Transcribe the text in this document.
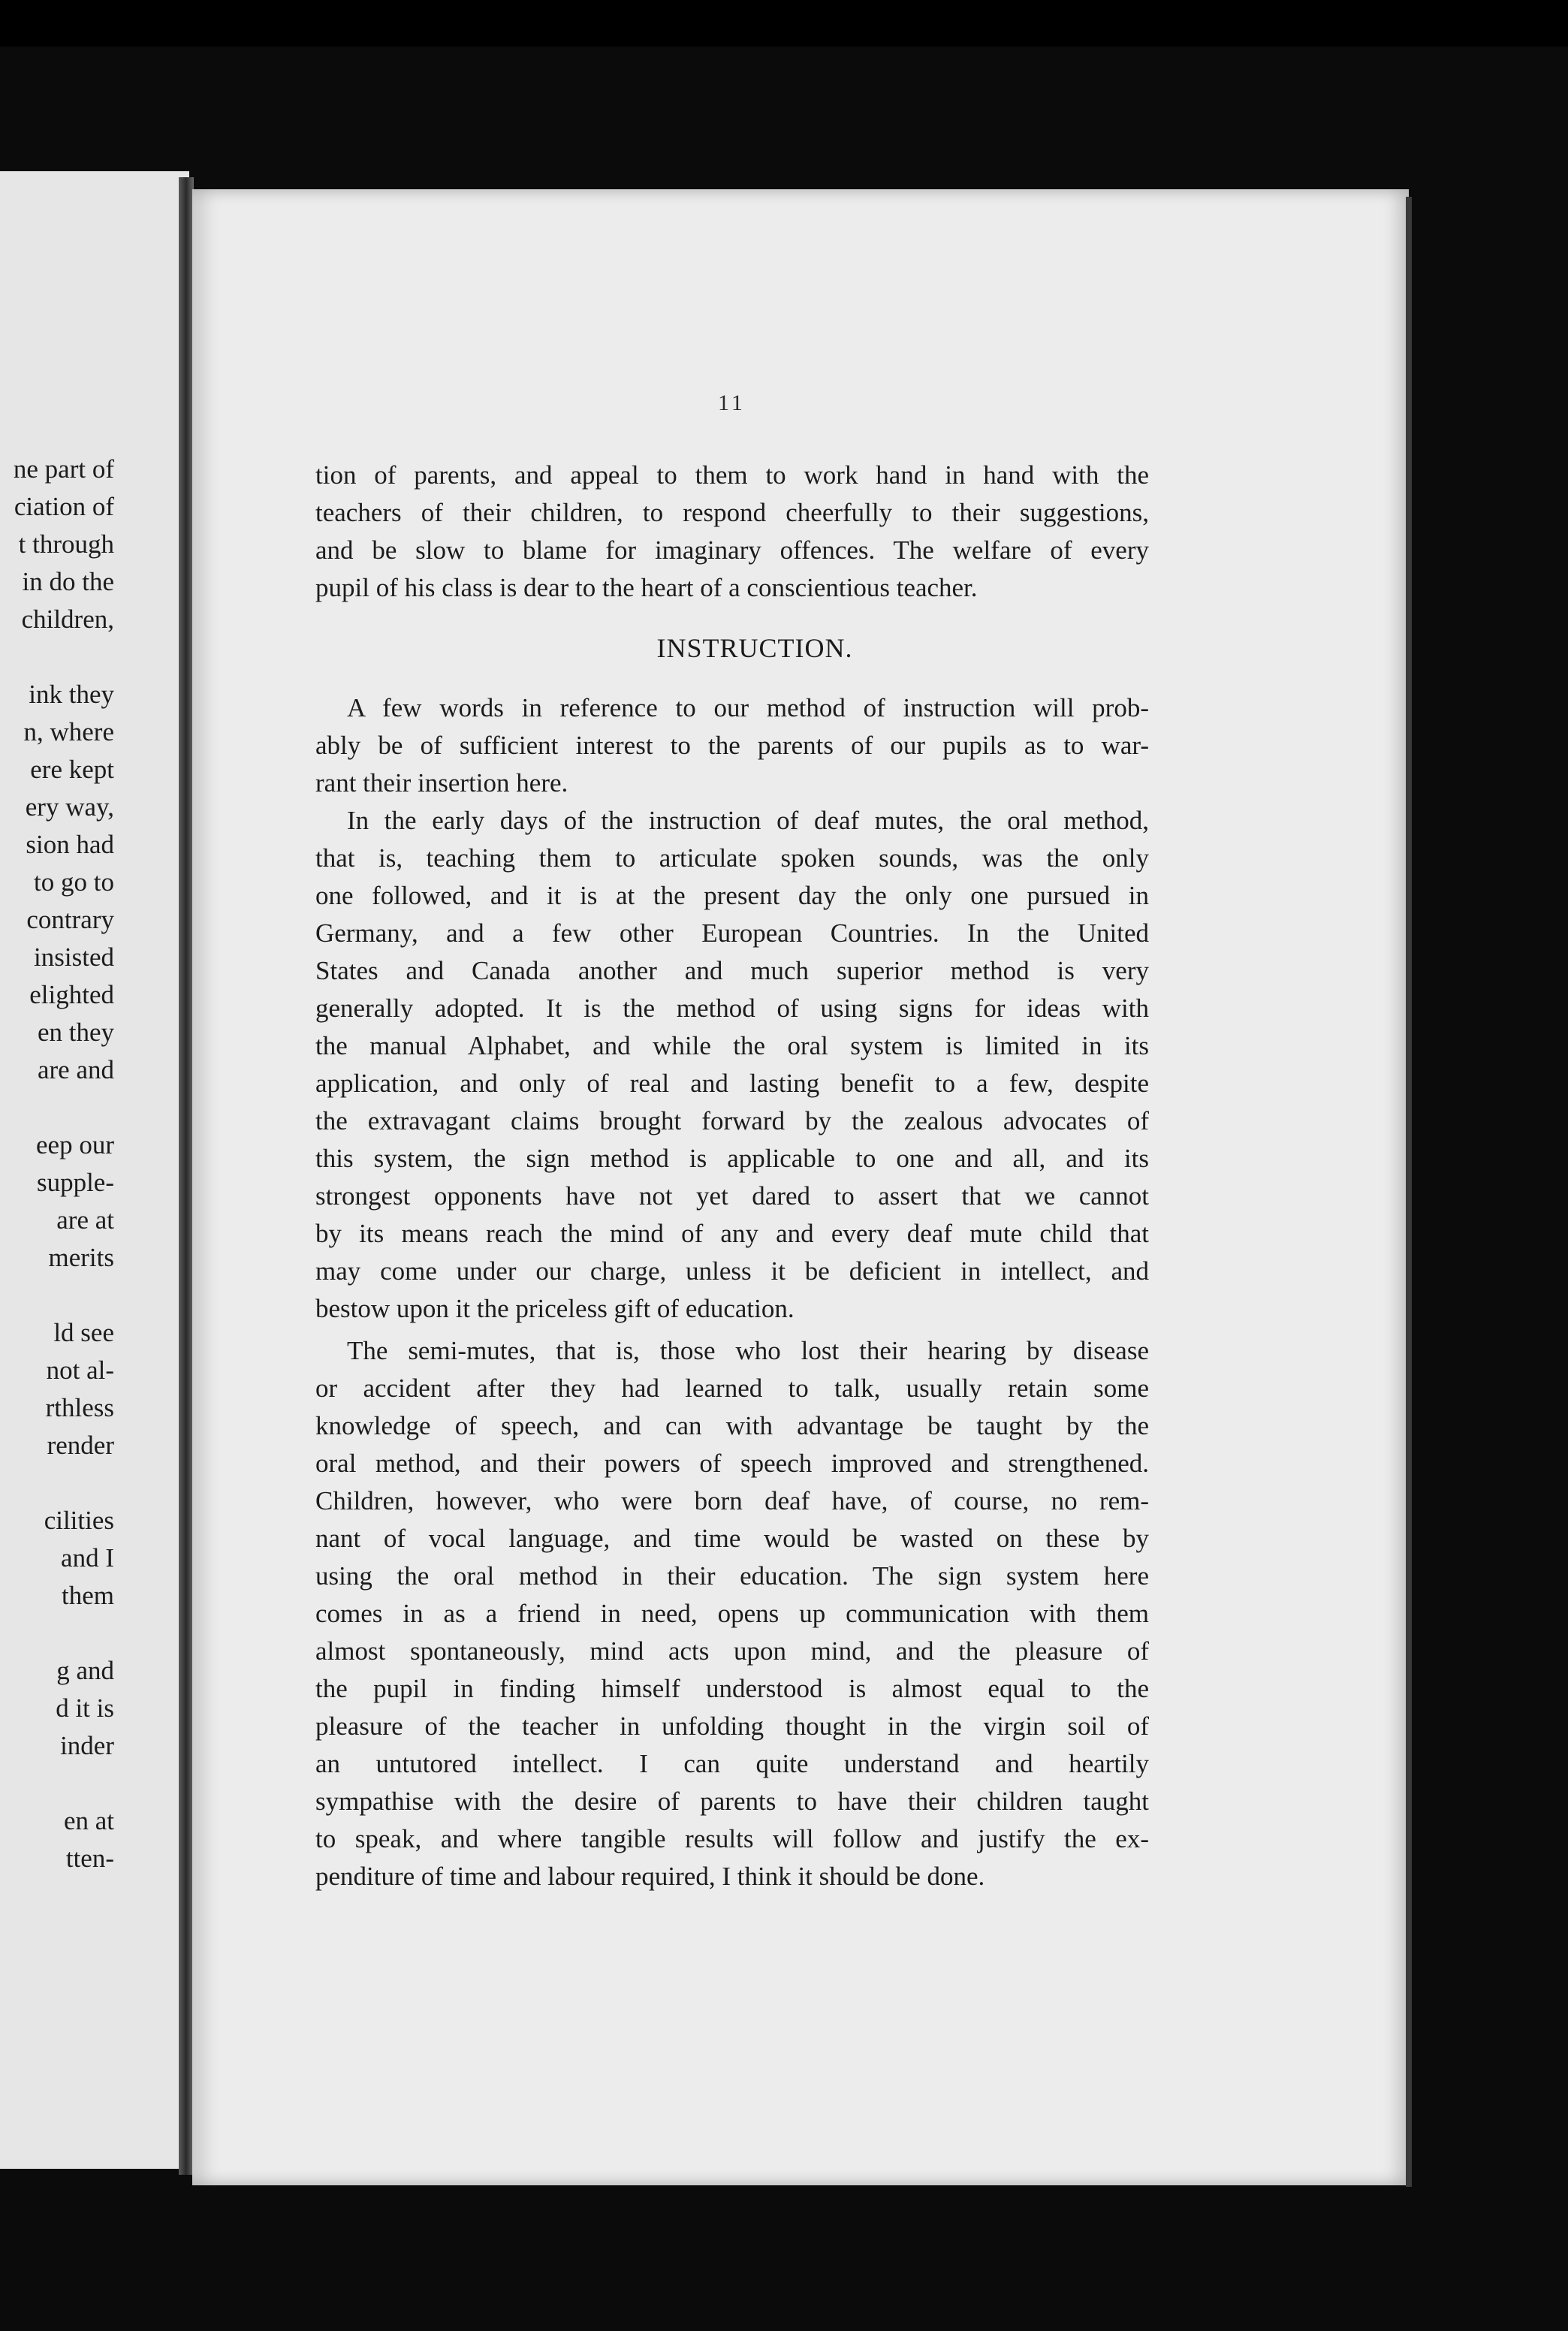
ne part of
ciation of
t through
in do the
children,
ink they
n, where
ere kept
ery way,
sion had
to go to
contrary
insisted
elighted
en they
are and
eep our
supple-
are at
merits
ld see
not al-
rthless
render
cilities
and I
them
g and
d it is
inder
en at
tten-
11
tion of parents, and appeal to them to work hand in hand with the
teachers of their children, to respond cheerfully to their suggestions,
and be slow to blame for imaginary offences. The welfare of every
pupil of his class is dear to the heart of a conscientious teacher.
INSTRUCTION.
A few words in reference to our method of instruction will prob-
ably be of sufficient interest to the parents of our pupils as to war-
rant their insertion here.
In the early days of the instruction of deaf mutes, the oral method,
that is, teaching them to articulate spoken sounds, was the only
one followed, and it is at the present day the only one pursued in
Germany, and a few other European Countries. In the United
States and Canada another and much superior method is very
generally adopted. It is the method of using signs for ideas with
the manual Alphabet, and while the oral system is limited in its
application, and only of real and lasting benefit to a few, despite
the extravagant claims brought forward by the zealous advocates of
this system, the sign method is applicable to one and all, and its
strongest opponents have not yet dared to assert that we cannot
by its means reach the mind of any and every deaf mute child that
may come under our charge, unless it be deficient in intellect, and
bestow upon it the priceless gift of education.
The semi-mutes, that is, those who lost their hearing by disease
or accident after they had learned to talk, usually retain some
knowledge of speech, and can with advantage be taught by the
oral method, and their powers of speech improved and strengthened.
Children, however, who were born deaf have, of course, no rem-
nant of vocal language, and time would be wasted on these by
using the oral method in their education. The sign system here
comes in as a friend in need, opens up communication with them
almost spontaneously, mind acts upon mind, and the pleasure of
the pupil in finding himself understood is almost equal to the
pleasure of the teacher in unfolding thought in the virgin soil of
an untutored intellect. I can quite understand and heartily
sympathise with the desire of parents to have their children taught
to speak, and where tangible results will follow and justify the ex-
penditure of time and labour required, I think it should be done.
